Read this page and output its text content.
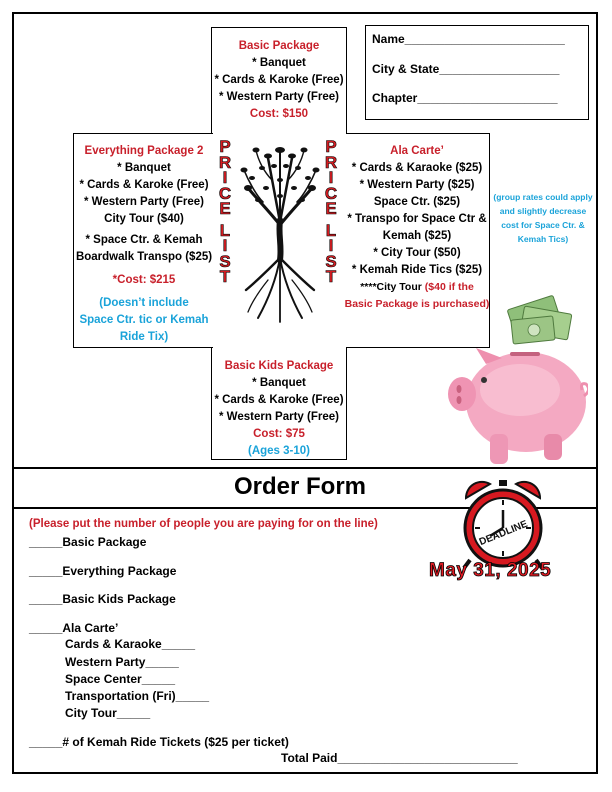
Name________________________
City & State__________________
Chapter_____________________
Basic Package
* Banquet
* Cards & Karoke (Free)
* Western Party (Free)
Cost: $150
Everything Package 2
* Banquet
* Cards & Karoke (Free)
* Western Party (Free)
City Tour ($40)
* Space Ctr. & Kemah
Boardwalk Transpo ($25)
*Cost: $215
(Doesn’t include
Space Ctr. tic or Kemah
Ride Tix)
P
R
I
C
E
L
I
S
T
P
R
I
C
E
L
I
S
T
Ala Carte’
* Cards & Karaoke ($25)
* Western Party ($25)
Space Ctr. ($25)
* Transpo for Space Ctr &
Kemah ($25)
* City Tour ($50)
* Kemah Ride Tics ($25)
****City Tour ($40 if the
Basic Package is purchased)
(group rates could apply
and slightly decrease
cost for Space Ctr. &
Kemah Tics)
Basic Kids Package
* Banquet
* Cards & Karoke (Free)
* Western Party (Free)
Cost: $75
(Ages 3-10)
Order Form
(Please put the number of people you are paying for on the line)
_____Basic Package
_____Everything Package
_____Basic Kids Package
_____Ala Carte’
Cards & Karaoke_____
Western Party_____
Space Center_____
Transportation (Fri)_____
City Tour_____
_____# of Kemah Ride Tickets ($25 per ticket)
Total Paid___________________________
DEADLINE
May 31, 2025
